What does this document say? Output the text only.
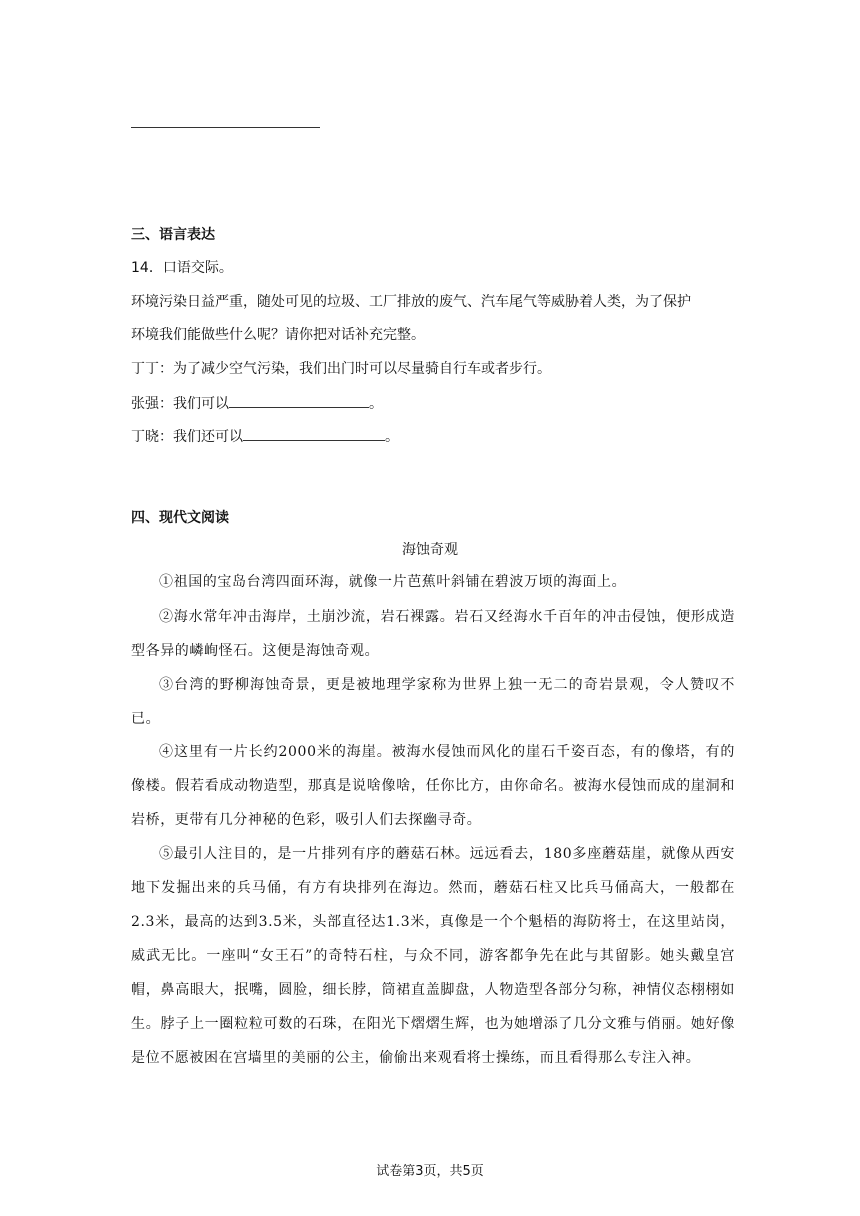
三、语言表达
14．口语交际。
环境污染日益严重，随处可见的垃圾、工厂排放的废气、汽车尾气等威胁着人类，为了保护
环境我们能做些什么呢？请你把对话补充完整。
丁丁：为了减少空气污染，我们出门时可以尽量骑自行车或者步行。
张强：我们可以	。
丁晓：我们还可以	。
四、现代文阅读
海蚀奇观
①祖国的宝岛台湾四面环海，就像一片芭蕉叶斜铺在碧波万顷的海面上。
②海水常年冲击海岸，土崩沙流，岩石裸露。岩石又经海水千百年的冲击侵蚀，便形成造型各异的嶙峋怪石。这便是海蚀奇观。
③台湾的野柳海蚀奇景，更是被地理学家称为世界上独一无二的奇岩景观，令人赞叹不已。
④这里有一片长约2000米的海崖。被海水侵蚀而风化的崖石千姿百态，有的像塔，有的像楼。假若看成动物造型，那真是说啥像啥，任你比方，由你命名。被海水侵蚀而成的崖洞和岩桥，更带有几分神秘的色彩，吸引人们去探幽寻奇。
⑤最引人注目的，是一片排列有序的蘑菇石林。远远看去，180多座蘑菇崖，就像从西安地下发掘出来的兵马俑，有方有块排列在海边。然而，蘑菇石柱又比兵马俑高大，一般都在2.3米，最高的达到3.5米，头部直径达1.3米，真像是一个个魁梧的海防将士，在这里站岗，威武无比。一座叫“女王石”的奇特石柱，与众不同，游客都争先在此与其留影。她头戴皇宫帽，鼻高眼大，抿嘴，圆脸，细长脖，筒裙直盖脚盘，人物造型各部分匀称，神情仪态栩栩如生。脖子上一圈粒粒可数的石珠，在阳光下熠熠生辉，也为她增添了几分文雅与俏丽。她好像是位不愿被困在宫墙里的美丽的公主，偷偷出来观看将士操练，而且看得那么专注入神。
试卷第3页，共5页
